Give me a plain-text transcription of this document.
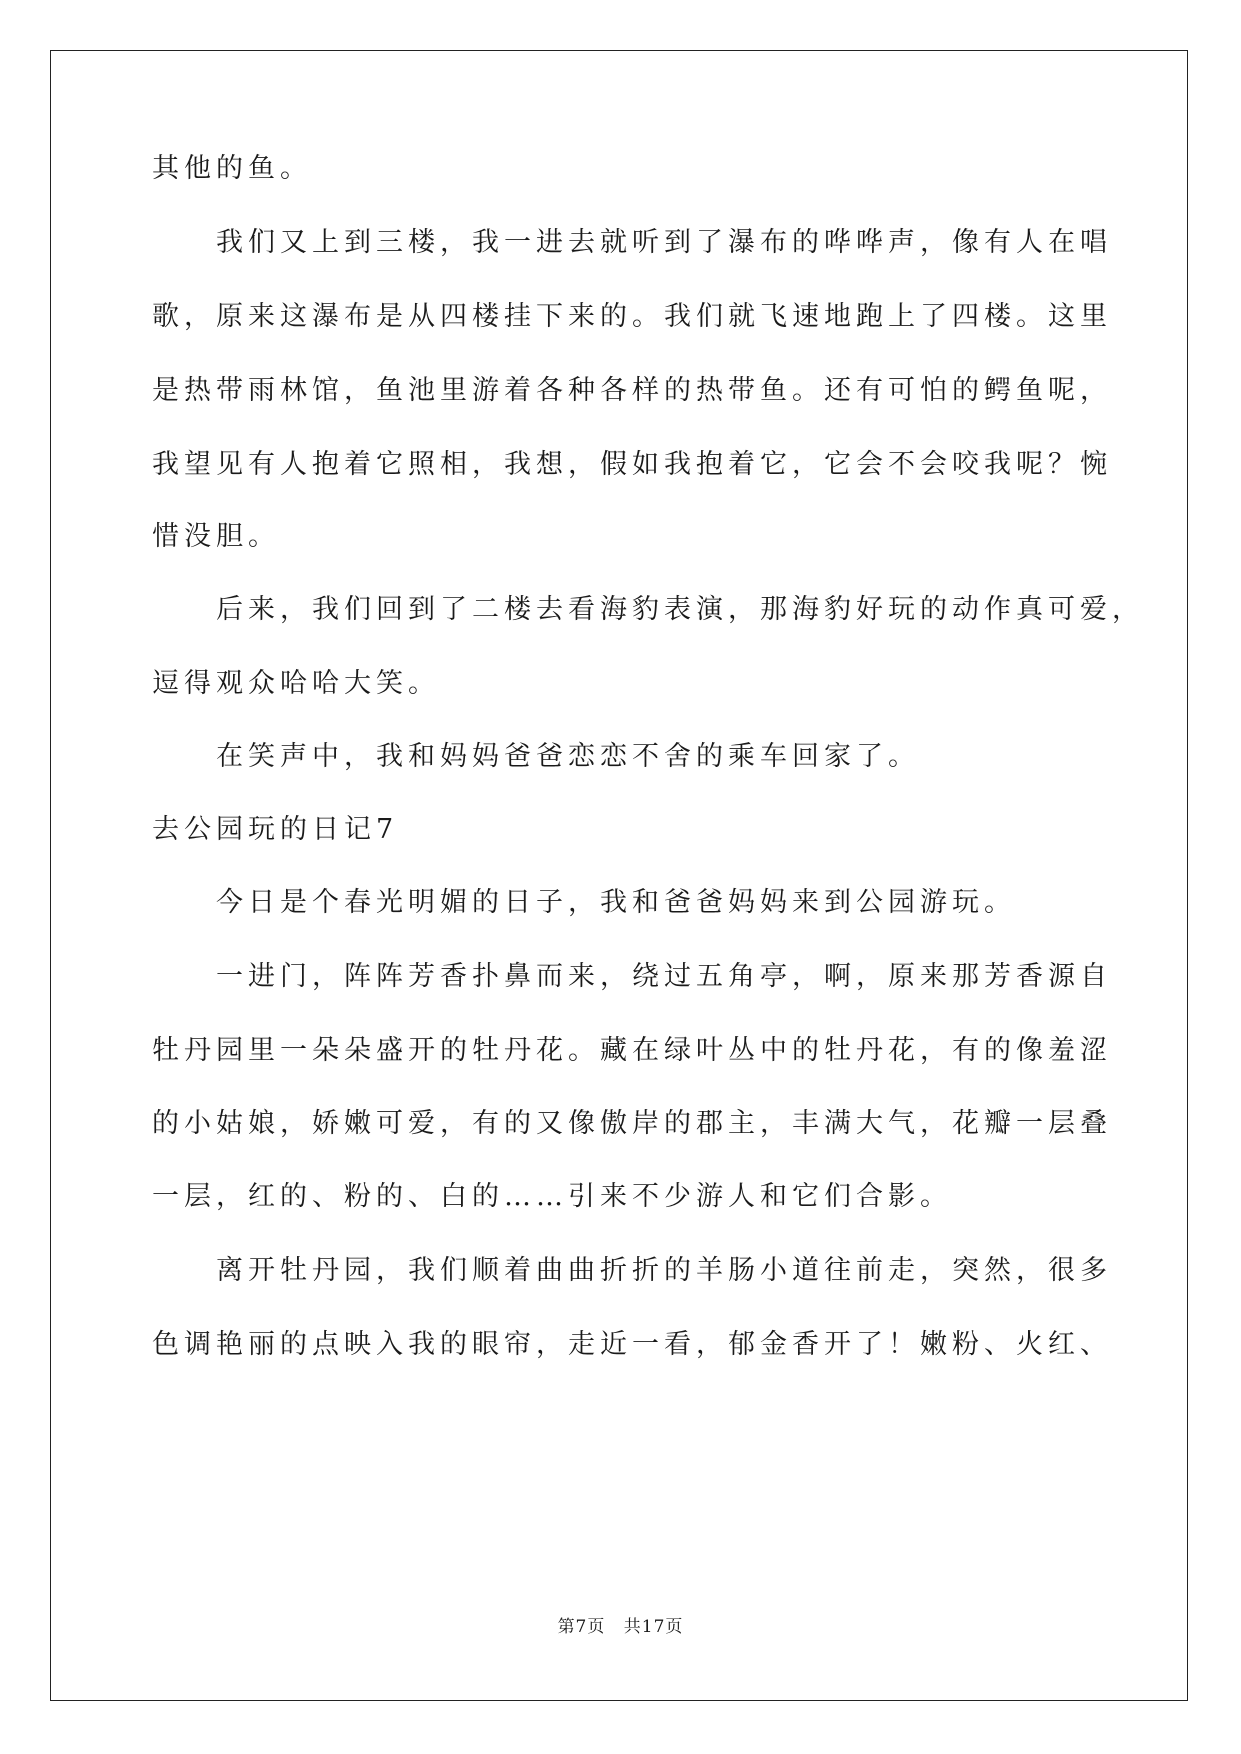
其他的鱼。
我们又上到三楼，我一进去就听到了瀑布的哗哗声，像有人在唱
歌，原来这瀑布是从四楼挂下来的。我们就飞速地跑上了四楼。这里
是热带雨林馆，鱼池里游着各种各样的热带鱼。还有可怕的鳄鱼呢，
我望见有人抱着它照相，我想，假如我抱着它，它会不会咬我呢？惋
惜没胆。
后来，我们回到了二楼去看海豹表演，那海豹好玩的动作真可爱，
逗得观众哈哈大笑。
在笑声中，我和妈妈爸爸恋恋不舍的乘车回家了。
去公园玩的日记7
今日是个春光明媚的日子，我和爸爸妈妈来到公园游玩。
一进门，阵阵芳香扑鼻而来，绕过五角亭，啊，原来那芳香源自
牡丹园里一朵朵盛开的牡丹花。藏在绿叶丛中的牡丹花，有的像羞涩
的小姑娘，娇嫩可爱，有的又像傲岸的郡主，丰满大气，花瓣一层叠
一层，红的、粉的、白的……引来不少游人和它们合影。
离开牡丹园，我们顺着曲曲折折的羊肠小道往前走，突然，很多
色调艳丽的点映入我的眼帘，走近一看，郁金香开了！嫩粉、火红、
第7页 共17页
